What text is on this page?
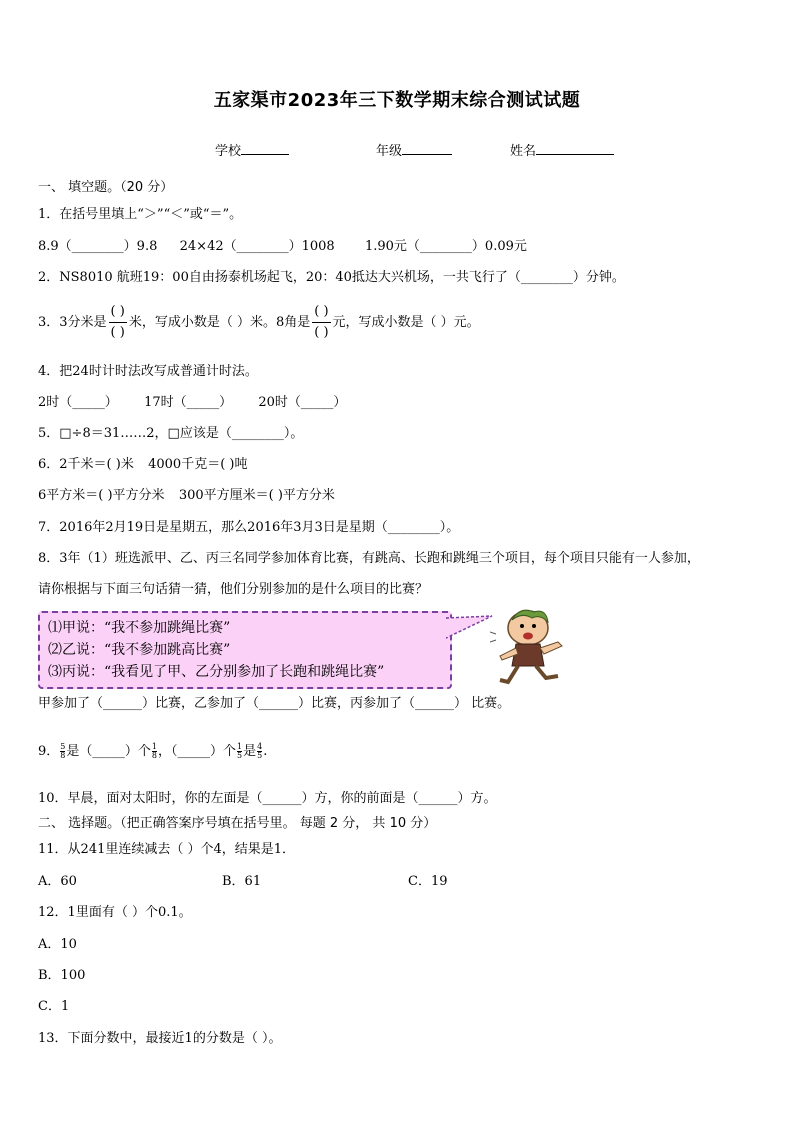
五家渠市2023年三下数学期末综合测试试题
学校	年级	姓名
一、 填空题。（20 分）
1．在括号里填上“＞”“＜”或“＝”。
8.9（________）9.8 24×42（________）1008 1.90元（________）0.09元
2．NS8010 航班19：00自由扬泰机场起飞，20：40抵达大兴机场，一共飞行了（________）分钟。
3．3分米是 $\frac{( )}{( )}$ 米，写成小数是（ ）米。8角是 $\frac{( )}{( )}$ 元，写成小数是（ ）元。
4．把24时计时法改写成普通计时法。
2时（_____） 17时（_____） 20时（_____）
5．□÷8＝31……2，□应该是（________）。
6．2千米＝( )米 4000千克＝( )吨
6平方米＝( )平方分米 300平方厘米＝( )平方分米
7．2016年2月19日是星期五，那么2016年3月3日是星期（________）。
8．3年（1）班选派甲、乙、丙三名同学参加体育比赛，有跳高、长跑和跳绳三个项目，每个项目只能有一人参加，
请你根据与下面三句话猜一猜，他们分别参加的是什么项目的比赛？
⑴甲说：“我不参加跳绳比赛”
⑵乙说：“我不参加跳高比赛”
⑶丙说：“我看见了甲、乙分别参加了长跑和跳绳比赛”
甲参加了（______）比赛，乙参加了（______）比赛，丙参加了（______） 比赛。
9． $\frac{5}{8}$是（_____）个 $\frac{1}{8}$，（_____）个 $\frac{1}{5}$是 $\frac{4}{5}$.
10．早晨，面对太阳时，你的左面是（______）方，你的前面是（______）方。
二、 选择题。（把正确答案序号填在括号里。 每题 2 分， 共 10 分）
11．从241里连续减去（ ）个4，结果是1．
A．60	B．61	C．19
12．1里面有（ ）个0.1。
A．10
B．100
C．1
13．下面分数中，最接近1的分数是（ ）。
